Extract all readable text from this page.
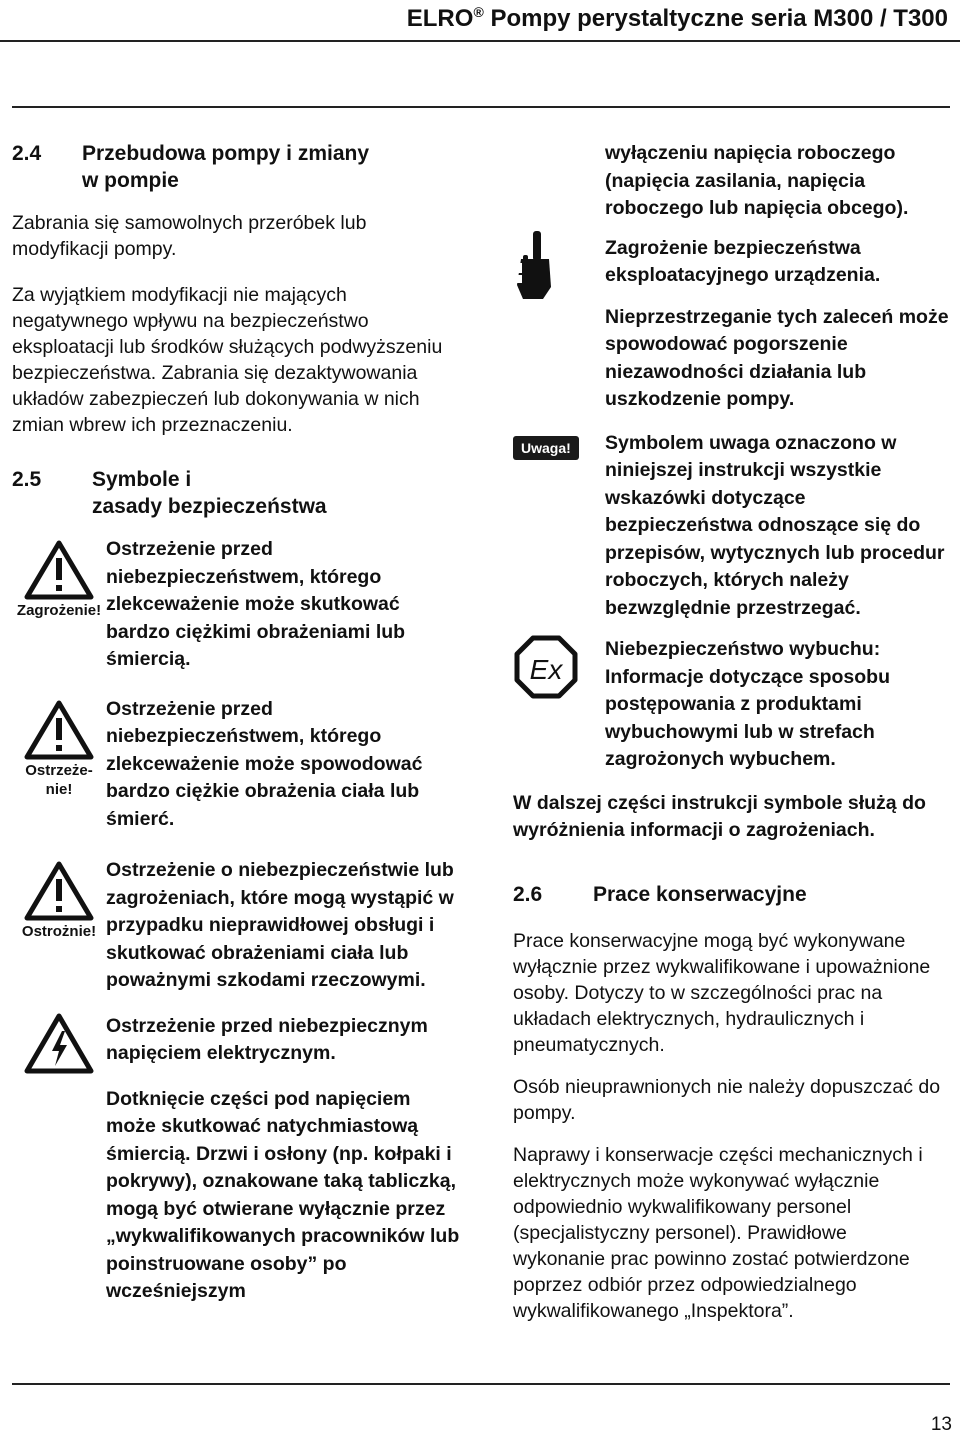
ELRO® Pompy perystaltyczne seria M300 / T300
2.4	Przebudowa pompy i zmiany
w pompie

Zabrania się samowolnych przeróbek lub modyfikacji pompy.

Za wyjątkiem modyfikacji nie mających negatywnego wpływu na bezpieczeństwo eksploatacji lub środków służących podwyższeniu bezpieczeństwa. Zabrania się dezaktywowania układów zabezpieczeń lub dokonywania w nich zmian wbrew ich przeznaczeniu.

2.5	Symbole i
zasady bezpieczeństwa
Zagrożenie!

Ostrzeżenie przed niebezpieczeństwem, którego zlekceważenie może skutkować bardzo ciężkimi obrażeniami lub śmiercią.

Ostrzeże-
nie!

Ostrzeżenie przed niebezpieczeństwem, którego zlekceważenie może spowodować bardzo ciężkie obrażenia ciała lub śmierć.

Ostrożnie!

Ostrzeżenie o niebezpieczeństwie lub zagrożeniach, które mogą wystąpić w przypadku nieprawidłowej obsługi i skutkować obrażeniami ciała lub poważnymi szkodami rzeczowymi.

Ostrzeżenie przed niebezpiecznym napięciem elektrycznym.

Dotknięcie części pod napięciem może skutkować natychmiastową śmiercią. Drzwi i osłony (np. kołpaki i pokrywy), oznakowane taką tabliczką, mogą być otwierane wyłącznie przez „wykwalifikowanych pracowników lub poinstruowane osoby” po wcześniejszym

wyłączeniu napięcia roboczego (napięcia zasilania, napięcia roboczego lub napięcia obcego).

Zagrożenie bezpieczeństwa eksploatacyjnego urządzenia.

Nieprzestrzeganie tych zaleceń może spowodować pogorszenie niezawodności działania lub uszkodzenie pompy.

Uwaga!	Symbolem uwaga oznaczono w niniejszej instrukcji wszystkie wskazówki dotyczące bezpieczeństwa odnoszące się do przepisów, wytycznych lub procedur roboczych, których należy bezwzględnie przestrzegać.

Ex

Niebezpieczeństwo wybuchu: Informacje dotyczące sposobu postępowania z produktami wybuchowymi lub w strefach zagrożonych wybuchem.

W dalszej części instrukcji symbole służą do wyróżnienia informacji o zagrożeniach.

2.6	Prace konserwacyjne

Prace konserwacyjne mogą być wykonywane wyłącznie przez wykwalifikowane i upoważnione osoby. Dotyczy to w szczególności prac na układach elektrycznych, hydraulicznych i pneumatycznych.

Osób nieuprawnionych nie należy dopuszczać do pompy.

Naprawy i konserwacje części mechanicznych i elektrycznych może wykonywać wyłącznie odpowiednio wykwalifikowany personel (specjalistyczny personel). Prawidłowe wykonanie prac powinno zostać potwierdzone poprzez odbiór przez odpowiedzialnego wykwalifikowanego „Inspektora”.

13
